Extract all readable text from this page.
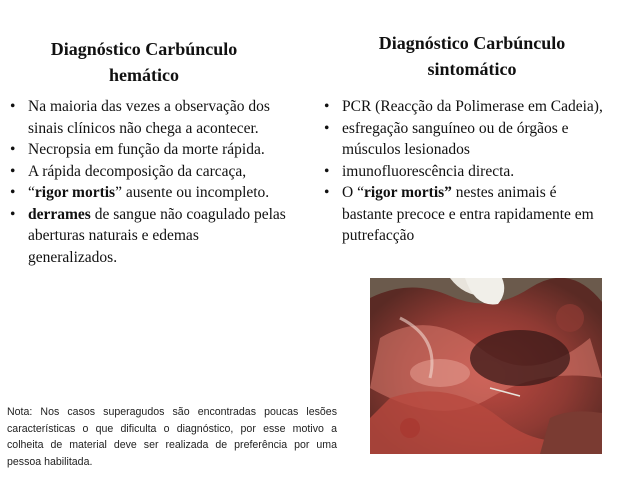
Diagnóstico Carbúnculo hemático
Diagnóstico Carbúnculo sintomático
• Na maioria das vezes a observação dos sinais clínicos não chega a acontecer.
• Necropsia em função da morte rápida.
• A rápida decomposição da carcaça,
• “rigor mortis” ausente ou incompleto.
• derrames de sangue não coagulado pelas aberturas naturais e edemas generalizados.
• PCR (Reacção da Polimerase em Cadeia),
• esfregação sanguíneo ou de órgãos e músculos lesionados
• imunofluorescência directa.
• O “rigor mortis” nestes animais é bastante precoce e entra rapidamente em putrefacção
Nota: Nos casos superagudos são encontradas poucas lesões características o que dificulta o diagnóstico, por esse motivo a colheita de material deve ser realizada de preferência por uma pessoa habilitada.
